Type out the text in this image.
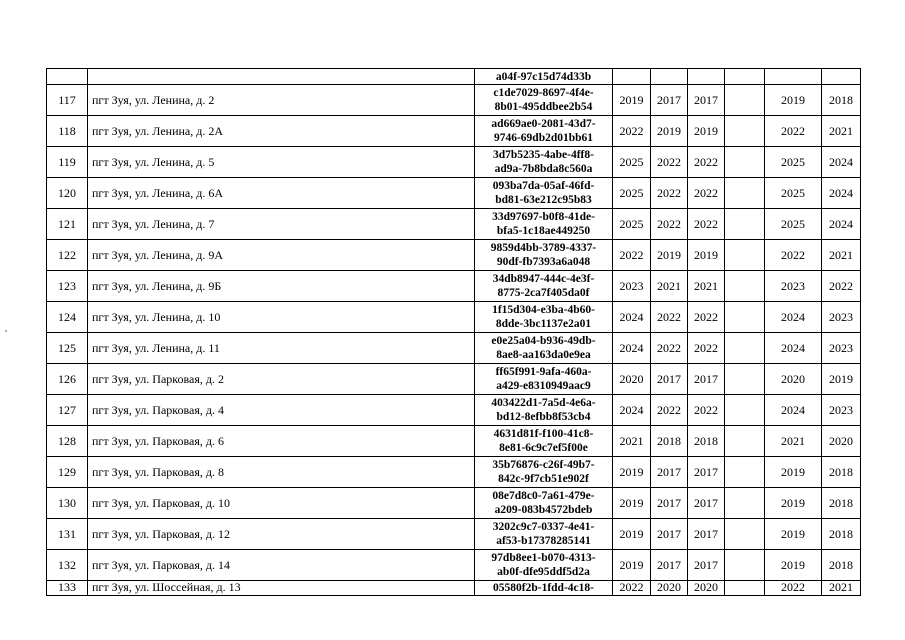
		a04f-97c15d74d33b						
117	пгт Зуя, ул. Ленина, д. 2	c1de7029-8697-4f4e-
8b01-495ddbee2b54	2019	2017	2017		2019	2018
118	пгт Зуя, ул. Ленина, д. 2А	ad669ae0-2081-43d7-
9746-69db2d01bb61	2022	2019	2019		2022	2021
119	пгт Зуя, ул. Ленина, д. 5	3d7b5235-4abe-4ff8-
ad9a-7b8bda8c560a	2025	2022	2022		2025	2024
120	пгт Зуя, ул. Ленина, д. 6А	093ba7da-05af-46fd-
bd81-63e212c95b83	2025	2022	2022		2025	2024
121	пгт Зуя, ул. Ленина, д. 7	33d97697-b0f8-41de-
bfa5-1c18ae449250	2025	2022	2022		2025	2024
122	пгт Зуя, ул. Ленина, д. 9А	9859d4bb-3789-4337-
90df-fb7393a6a048	2022	2019	2019		2022	2021
123	пгт Зуя, ул. Ленина, д. 9Б	34db8947-444c-4e3f-
8775-2ca7f405da0f	2023	2021	2021		2023	2022
124	пгт Зуя, ул. Ленина, д. 10	1f15d304-e3ba-4b60-
8dde-3bc1137e2a01	2024	2022	2022		2024	2023
125	пгт Зуя, ул. Ленина, д. 11	e0e25a04-b936-49db-
8ae8-aa163da0e9ea	2024	2022	2022		2024	2023
126	пгт Зуя, ул. Парковая, д. 2	ff65f991-9afa-460a-
a429-e8310949aac9	2020	2017	2017		2020	2019
127	пгт Зуя, ул. Парковая, д. 4	403422d1-7a5d-4e6a-
bd12-8efbb8f53cb4	2024	2022	2022		2024	2023
128	пгт Зуя, ул. Парковая, д. 6	4631d81f-f100-41c8-
8e81-6c9c7ef5f00e	2021	2018	2018		2021	2020
129	пгт Зуя, ул. Парковая, д. 8	35b76876-c26f-49b7-
842c-9f7cb51e902f	2019	2017	2017		2019	2018
130	пгт Зуя, ул. Парковая, д. 10	08e7d8c0-7a61-479e-
a209-083b4572bdeb	2019	2017	2017		2019	2018
131	пгт Зуя, ул. Парковая, д. 12	3202c9c7-0337-4e41-
af53-b17378285141	2019	2017	2017		2019	2018
132	пгт Зуя, ул. Парковая, д. 14	97db8ee1-b070-4313-
ab0f-dfe95ddf5d2a	2019	2017	2017		2019	2018
133	пгт Зуя, ул. Шоссейная, д. 13	05580f2b-1fdd-4c18-	2022	2020	2020		2022	2021
